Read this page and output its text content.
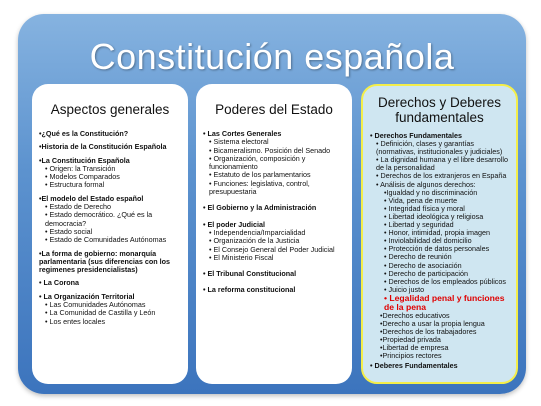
Constitución española
Aspectos generales
•¿Qué es la Constitución?
•Historia de la Constitución Española
•La Constitución Española
• Origen: la Transición
• Modelos Comparados
• Estructura formal
•El modelo del Estado español
• Estado de Derecho
• Estado democrático. ¿Qué es la democracia?
• Estado social
• Estado de Comunidades Autónomas
•La forma de gobierno: monarquía parlamentaria (sus diferencias con los regimenes presidencialistas)
• La Corona
• La Organización Territorial
• Las Comunidades Autónomas
• La Comunidad de Castilla y León
• Los entes locales
Poderes del Estado
• Las Cortes Generales
• Sistema electoral
• Bicameralismo. Posición del Senado
• Organización, composición y funcionamiento
• Estatuto de los parlamentarios
• Funciones: legislativa, control, presupuestaria
• El Gobierno y la Administración
• El poder Judicial
• Independencia/Imparcialidad
• Organización de la Justicia
• El Consejo General del Poder Judicial
• El Ministerio Fiscal
• El Tribunal Constitucional
• La reforma constitucional
Derechos y Deberes fundamentales
• Derechos Fundamentales
• Definición, clases y garantías (normativas, institucionales y judiciales)
• La dignidad humana y el libre desarrollo de la personalidad
• Derechos de los extranjeros en España
• Análisis de algunos derechos:
•Igualdad y no discriminación
• Vida, pena de muerte
• Integridad física y moral
• Libertad ideológica y religiosa
• Libertad y seguridad
• Honor, intimidad, propia imagen
• Inviolabilidad del domicilio
• Protección de datos personales
• Derecho de reunión
• Derecho de asociación
• Derecho de participación
• Derechos de los empleados públicos
• Juicio justo
• Legalidad penal y funciones de la pena
•Derechos educativos
•Derecho a usar la propia lengua
•Derechos de los trabajadores
•Propiedad privada
•Libertad de empresa
•Principios rectores
• Deberes Fundamentales
